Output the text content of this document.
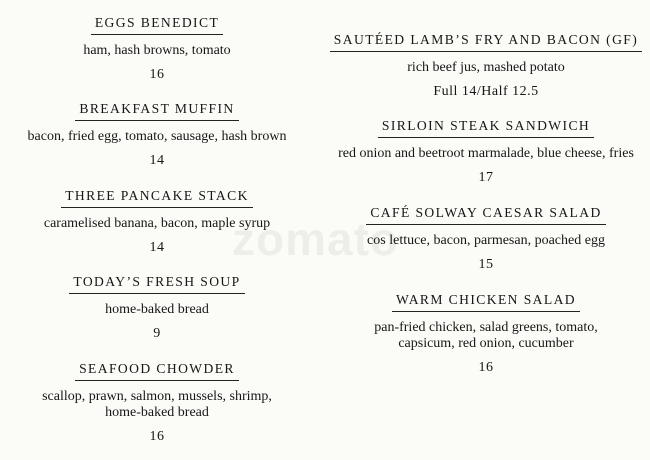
zomato
EGGS BENEDICT
ham, hash browns, tomato
16
BREAKFAST MUFFIN
bacon, fried egg, tomato, sausage, hash brown
14
THREE PANCAKE STACK
caramelised banana, bacon, maple syrup
14
TODAY’S FRESH SOUP
home-baked bread
9
SEAFOOD CHOWDER
scallop, prawn, salmon, mussels, shrimp,
home-baked bread
16
SAUTÉED LAMB’S FRY AND BACON (GF)
rich beef jus, mashed potato
Full 14/Half 12.5
SIRLOIN STEAK SANDWICH
red onion and beetroot marmalade, blue cheese, fries
17
CAFÉ SOLWAY CAESAR SALAD
cos lettuce, bacon, parmesan, poached egg
15
WARM CHICKEN SALAD
pan-fried chicken, salad greens, tomato,
capsicum, red onion, cucumber
16
